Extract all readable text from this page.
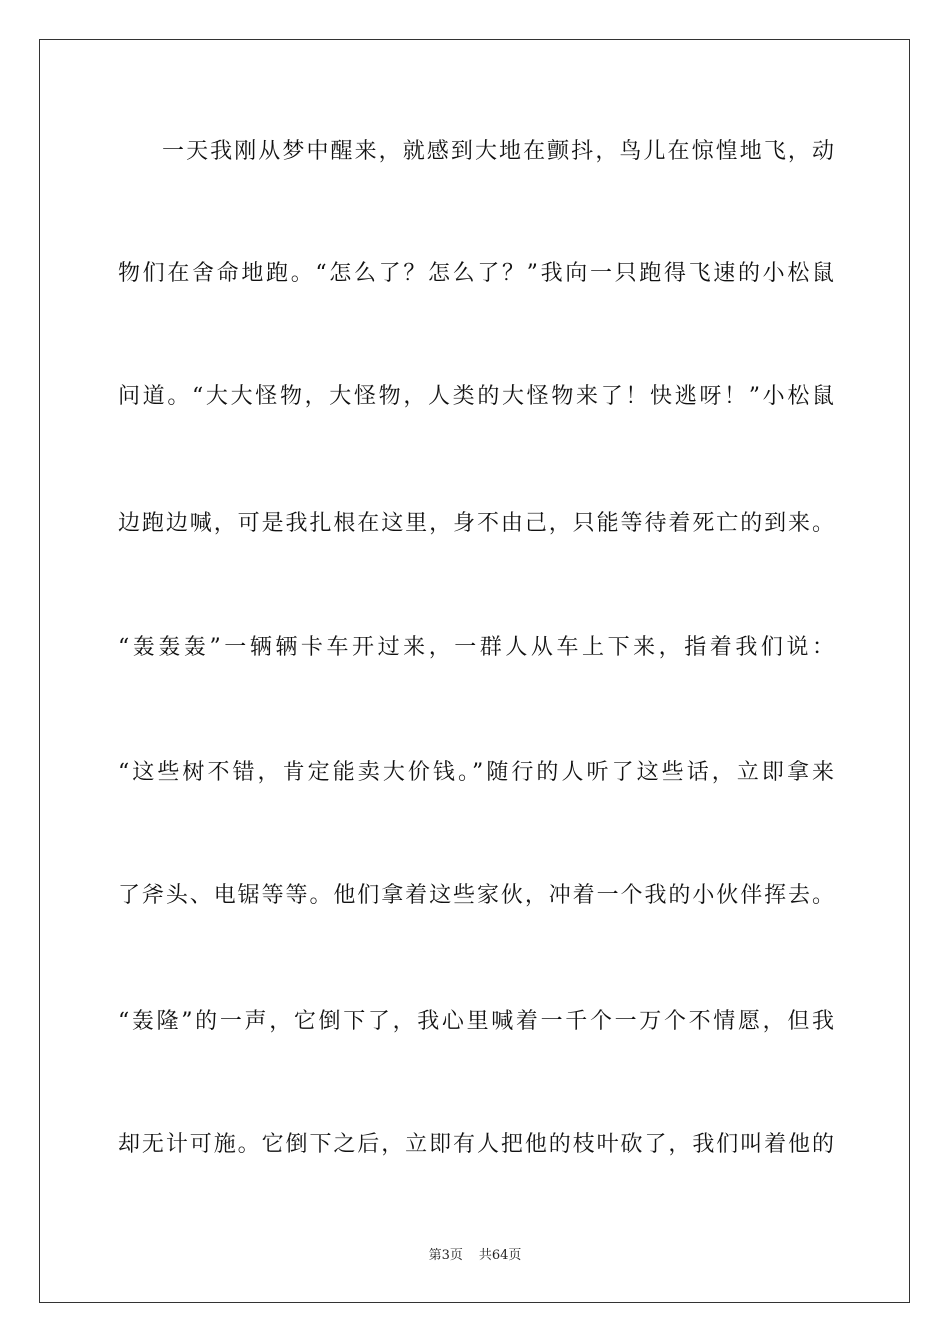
一天我刚从梦中醒来，就感到大地在颤抖，鸟儿在惊惶地飞，动
物们在舍命地跑。“怎么了？怎么了？”我向一只跑得飞速的小松鼠
问道。“大大怪物，大怪物，人类的大怪物来了！快逃呀！”小松鼠
边跑边喊，可是我扎根在这里，身不由己，只能等待着死亡的到来。
“轰轰轰”一辆辆卡车开过来，一群人从车上下来，指着我们说：
“这些树不错，肯定能卖大价钱。”随行的人听了这些话，立即拿来
了斧头、电锯等等。他们拿着这些家伙，冲着一个我的小伙伴挥去。
“轰隆”的一声，它倒下了，我心里喊着一千个一万个不情愿，但我
却无计可施。它倒下之后，立即有人把他的枝叶砍了，我们叫着他的
第3页 共64页
